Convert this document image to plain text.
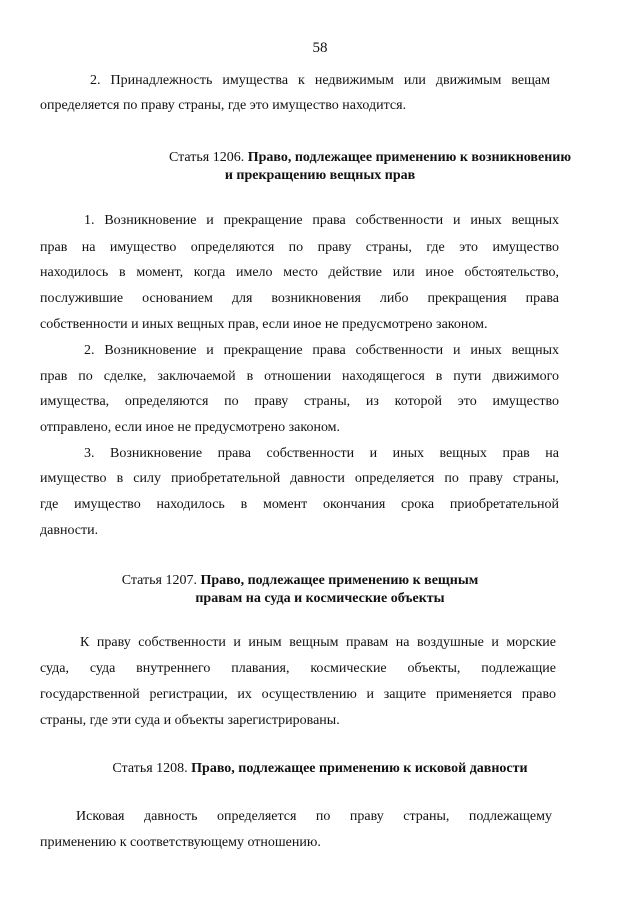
58
2. Принадлежность имущества к недвижимым или движимым вещам
определяется по праву страны, где это имущество находится.
Статья 1206. Право, подлежащее применению к возникновению
и прекращению вещных прав
1. Возникновение и прекращение права собственности и иных вещных
прав на имущество определяются по праву страны, где это имущество
находилось в момент, когда имело место действие или иное обстоятельство,
послужившие основанием для возникновения либо прекращения права
собственности и иных вещных прав, если иное не предусмотрено законом.
2. Возникновение и прекращение права собственности и иных вещных
прав по сделке, заключаемой в отношении находящегося в пути движимого
имущества, определяются по праву страны, из которой это имущество
отправлено, если иное не предусмотрено законом.
3. Возникновение права собственности и иных вещных прав на
имущество в силу приобретательной давности определяется по праву страны,
где имущество находилось в момент окончания срока приобретательной
давности.
Статья 1207. Право, подлежащее применению к вещным
правам на суда и космические объекты
К праву собственности и иным вещным правам на воздушные и морские
суда, суда внутреннего плавания, космические объекты, подлежащие
государственной регистрации, их осуществлению и защите применяется право
страны, где эти суда и объекты зарегистрированы.
Статья 1208. Право, подлежащее применению к исковой давности
Исковая давность определяется по праву страны, подлежащему
применению к соответствующему отношению.
